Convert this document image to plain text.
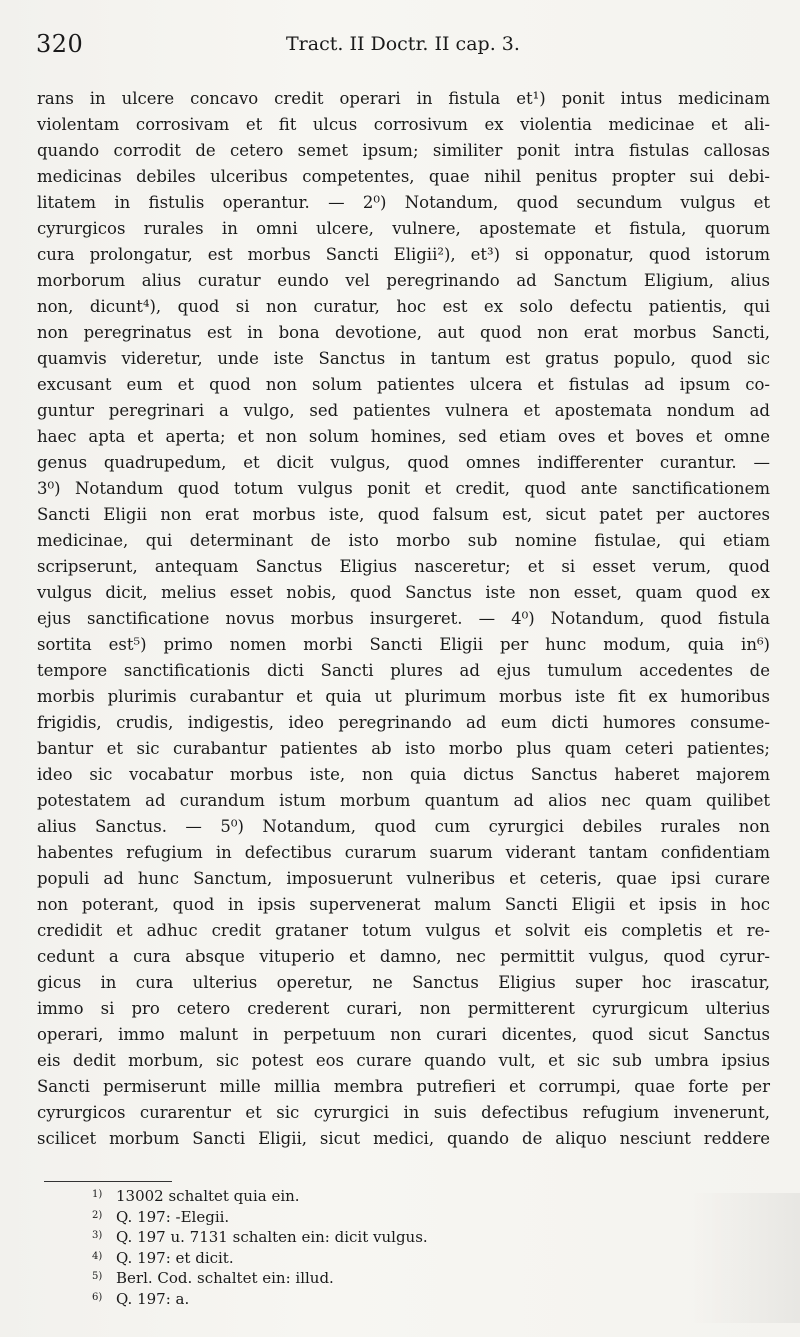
320	Tract. II Doctr. II cap. 3.
rans in ulcere concavo credit operari in fistula et¹) ponit intus medicinam
violentam corrosivam et fit ulcus corrosivum ex violentia medicinae et ali-
quando corrodit de cetero semet ipsum; similiter ponit intra fistulas callosas
medicinas debiles ulceribus competentes, quae nihil penitus propter sui debi-
litatem in fistulis operantur. — 2⁰) Notandum, quod secundum vulgus et
cyrurgicos rurales in omni ulcere, vulnere, apostemate et fistula, quorum
cura prolongatur, est morbus Sancti Eligii²), et³) si opponatur, quod istorum
morborum alius curatur eundo vel peregrinando ad Sanctum Eligium, alius
non, dicunt⁴), quod si non curatur, hoc est ex solo defectu patientis, qui
non peregrinatus est in bona devotione, aut quod non erat morbus Sancti,
quamvis videretur, unde iste Sanctus in tantum est gratus populo, quod sic
excusant eum et quod non solum patientes ulcera et fistulas ad ipsum co-
guntur peregrinari a vulgo, sed patientes vulnera et apostemata nondum ad
haec apta et aperta; et non solum homines, sed etiam oves et boves et omne
genus quadrupedum, et dicit vulgus, quod omnes indifferenter curantur. —
3⁰) Notandum quod totum vulgus ponit et credit, quod ante sanctificationem
Sancti Eligii non erat morbus iste, quod falsum est, sicut patet per auctores
medicinae, qui determinant de isto morbo sub nomine fistulae, qui etiam
scripserunt, antequam Sanctus Eligius nasceretur; et si esset verum, quod
vulgus dicit, melius esset nobis, quod Sanctus iste non esset, quam quod ex
ejus sanctificatione novus morbus insurgeret. — 4⁰) Notandum, quod fistula
sortita est⁵) primo nomen morbi Sancti Eligii per hunc modum, quia in⁶)
tempore sanctificationis dicti Sancti plures ad ejus tumulum accedentes de
morbis plurimis curabantur et quia ut plurimum morbus iste fit ex humoribus
frigidis, crudis, indigestis, ideo peregrinando ad eum dicti humores consume-
bantur et sic curabantur patientes ab isto morbo plus quam ceteri patientes;
ideo sic vocabatur morbus iste, non quia dictus Sanctus haberet majorem
potestatem ad curandum istum morbum quantum ad alios nec quam quilibet
alius Sanctus. — 5⁰) Notandum, quod cum cyrurgici debiles rurales non
habentes refugium in defectibus curarum suarum viderant tantam confidentiam
populi ad hunc Sanctum, imposuerunt vulneribus et ceteris, quae ipsi curare
non poterant, quod in ipsis supervenerat malum Sancti Eligii et ipsis in hoc
credidit et adhuc credit grataner totum vulgus et solvit eis completis et re-
cedunt a cura absque vituperio et damno, nec permittit vulgus, quod cyrur-
gicus in cura ulterius operetur, ne Sanctus Eligius super hoc irascatur,
immo si pro cetero crederent curari, non permitterent cyrurgicum ulterius
operari, immo malunt in perpetuum non curari dicentes, quod sicut Sanctus
eis dedit morbum, sic potest eos curare quando vult, et sic sub umbra ipsius
Sancti permiserunt mille millia membra putrefieri et corrumpi, quae forte per
cyrurgicos curarentur et sic cyrurgici in suis defectibus refugium invenerunt,
scilicet morbum Sancti Eligii, sicut medici, quando de aliquo nesciunt reddere
1) 13002 schaltet quia ein.
2) Q. 197: -Elegii.
3) Q. 197 u. 7131 schalten ein: dicit vulgus.
4) Q. 197: et dicit.
5) Berl. Cod. schaltet ein: illud.
6) Q. 197: a.
